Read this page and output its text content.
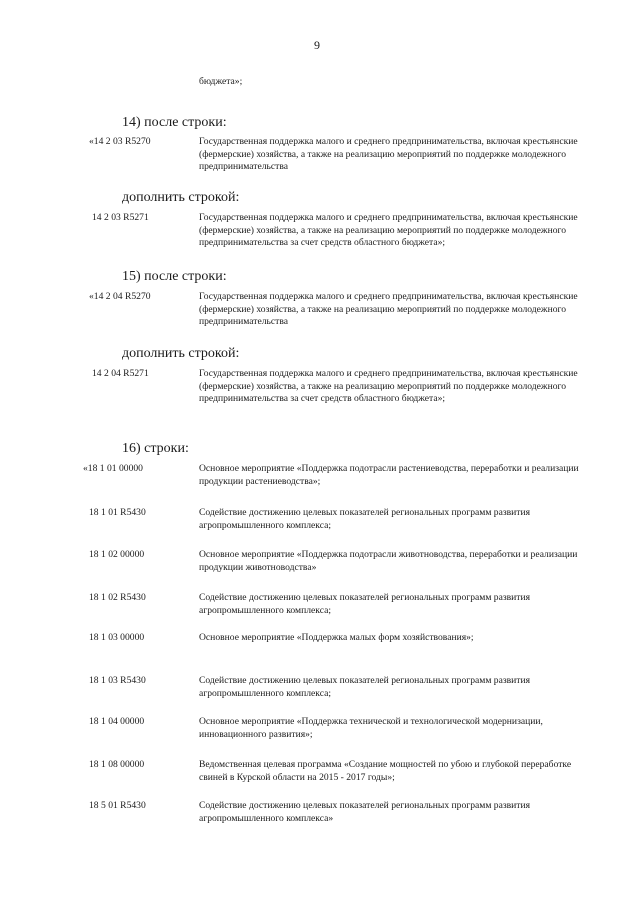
9
бюджета»;
14) после строки:
«14 2 03 R5270	Государственная поддержка малого и среднего предпринимательства, включая крестьянские (фермерские) хозяйства, а также на реализацию мероприятий по поддержке молодежного предпринимательства
дополнить строкой:
14 2 03 R5271	Государственная поддержка малого и среднего предпринимательства, включая крестьянские (фермерские) хозяйства, а также на реализацию мероприятий по поддержке молодежного предпринимательства за счет средств областного бюджета»;
15) после строки:
«14 2 04 R5270	Государственная поддержка малого и среднего предпринимательства, включая крестьянские (фермерские) хозяйства, а также на реализацию мероприятий по поддержке молодежного предпринимательства
дополнить строкой:
14 2 04 R5271	Государственная поддержка малого и среднего предпринимательства, включая крестьянские (фермерские) хозяйства, а также на реализацию мероприятий по поддержке молодежного предпринимательства за счет средств областного бюджета»;
16) строки:
«18 1 01 00000	Основное мероприятие «Поддержка подотрасли растениеводства, переработки и реализации продукции растениеводства»;
18 1 01 R5430	Содействие достижению целевых показателей региональных программ развития агропромышленного комплекса;
18 1 02 00000	Основное мероприятие «Поддержка подотрасли животноводства, переработки и реализации продукции животноводства»
18 1 02 R5430	Содействие достижению целевых показателей региональных программ развития агропромышленного комплекса;
18 1 03 00000	Основное мероприятие «Поддержка малых форм хозяйствования»;
18 1 03 R5430	Содействие достижению целевых показателей региональных программ развития агропромышленного комплекса;
18 1 04 00000	Основное мероприятие «Поддержка технической и технологической модернизации, инновационного развития»;
18 1 08 00000	Ведомственная целевая программа «Создание мощностей по убою и глубокой переработке свиней в Курской области на 2015 - 2017 годы»;
18 5 01 R5430	Содействие достижению целевых показателей региональных программ развития агропромышленного комплекса»
